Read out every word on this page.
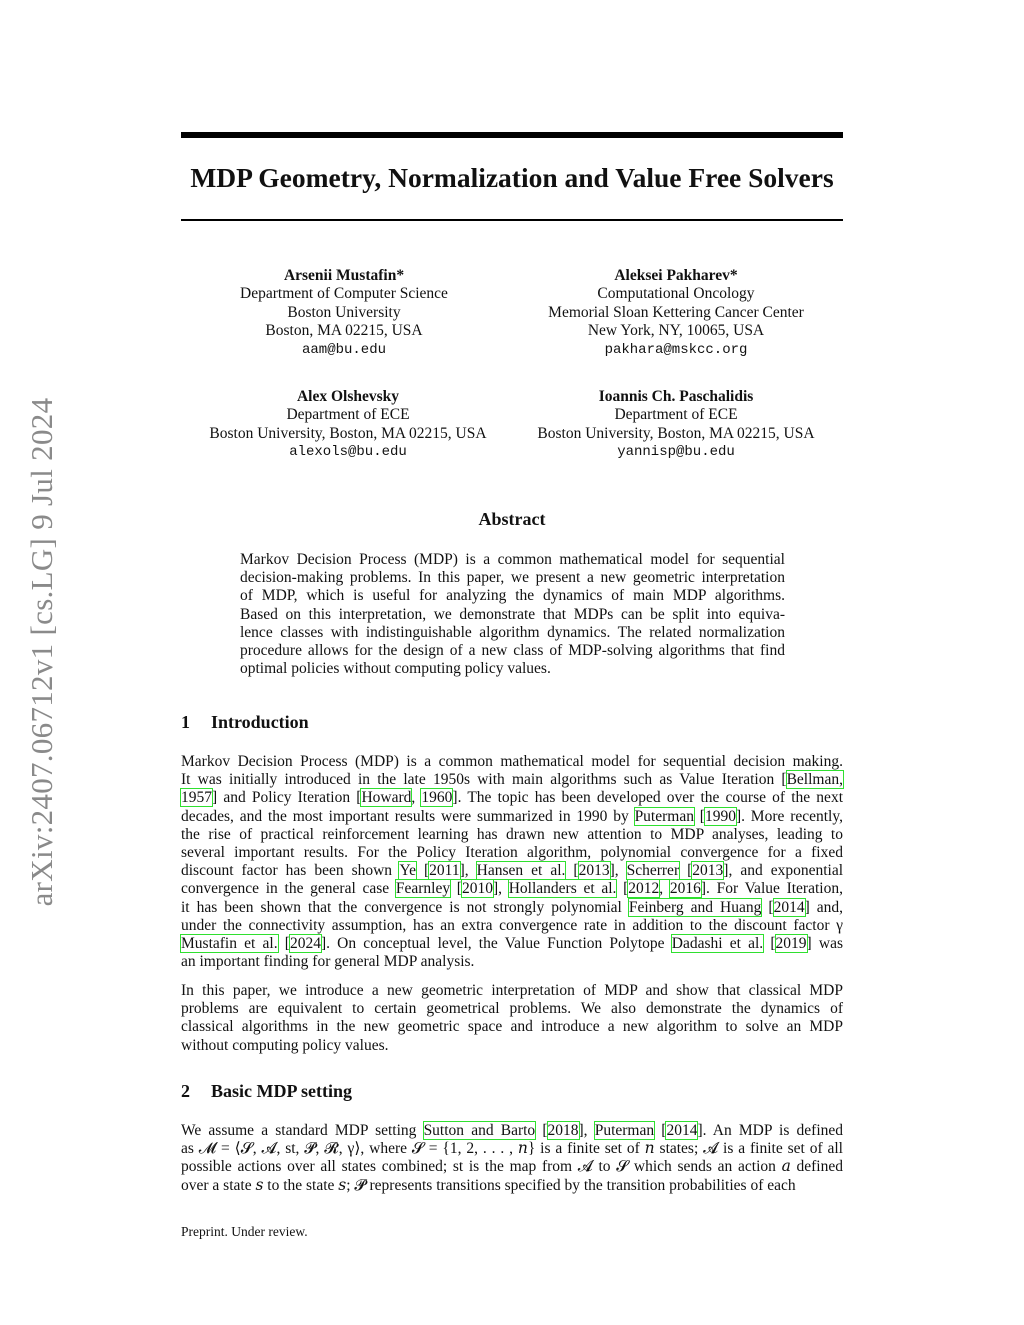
arXiv:2407.06712v1 [cs.LG] 9 Jul 2024
MDP Geometry, Normalization and Value Free Solvers
Arsenii Mustafin*
Department of Computer Science
Boston University
Boston, MA 02215, USA
aam@bu.edu
Aleksei Pakharev*
Computational Oncology
Memorial Sloan Kettering Cancer Center
New York, NY, 10065, USA
pakhara@mskcc.org
Alex Olshevsky
Department of ECE
Boston University, Boston, MA 02215, USA
alexols@bu.edu
Ioannis Ch. Paschalidis
Department of ECE
Boston University, Boston, MA 02215, USA
yannisp@bu.edu
Abstract
Markov Decision Process (MDP) is a common mathematical model for sequential
decision-making problems. In this paper, we present a new geometric interpretation
of MDP, which is useful for analyzing the dynamics of main MDP algorithms.
Based on this interpretation, we demonstrate that MDPs can be split into equiva-
lence classes with indistinguishable algorithm dynamics. The related normalization
procedure allows for the design of a new class of MDP-solving algorithms that find
optimal policies without computing policy values.
1 Introduction
Markov Decision Process (MDP) is a common mathematical model for sequential decision making.
It was initially introduced in the late 1950s with main algorithms such as Value Iteration [Bellman,
1957] and Policy Iteration [Howard, 1960]. The topic has been developed over the course of the next
decades, and the most important results were summarized in 1990 by Puterman [1990]. More recently,
the rise of practical reinforcement learning has drawn new attention to MDP analyses, leading to
several important results. For the Policy Iteration algorithm, polynomial convergence for a fixed
discount factor has been shown Ye [2011], Hansen et al. [2013], Scherrer [2013], and exponential
convergence in the general case Fearnley [2010], Hollanders et al. [2012, 2016]. For Value Iteration,
it has been shown that the convergence is not strongly polynomial Feinberg and Huang [2014] and,
under the connectivity assumption, has an extra convergence rate in addition to the discount factor γ
Mustafin et al. [2024]. On conceptual level, the Value Function Polytope Dadashi et al. [2019] was
an important finding for general MDP analysis.
In this paper, we introduce a new geometric interpretation of MDP and show that classical MDP
problems are equivalent to certain geometrical problems. We also demonstrate the dynamics of
classical algorithms in the new geometric space and introduce a new algorithm to solve an MDP
without computing policy values.
2 Basic MDP setting
We assume a standard MDP setting Sutton and Barto [2018], Puterman [2014]. An MDP is defined
as 𝓜 = ⟨𝓢, 𝓐, st, 𝓟, 𝓡, γ⟩, where 𝓢 = {1, 2, . . . , 𝑛} is a finite set of 𝑛 states; 𝓐 is a finite set of all
possible actions over all states combined; st is the map from 𝓐 to 𝓢 which sends an action 𝑎 defined
over a state 𝑠 to the state 𝑠; 𝓟 represents transitions specified by the transition probabilities of each
Preprint. Under review.
